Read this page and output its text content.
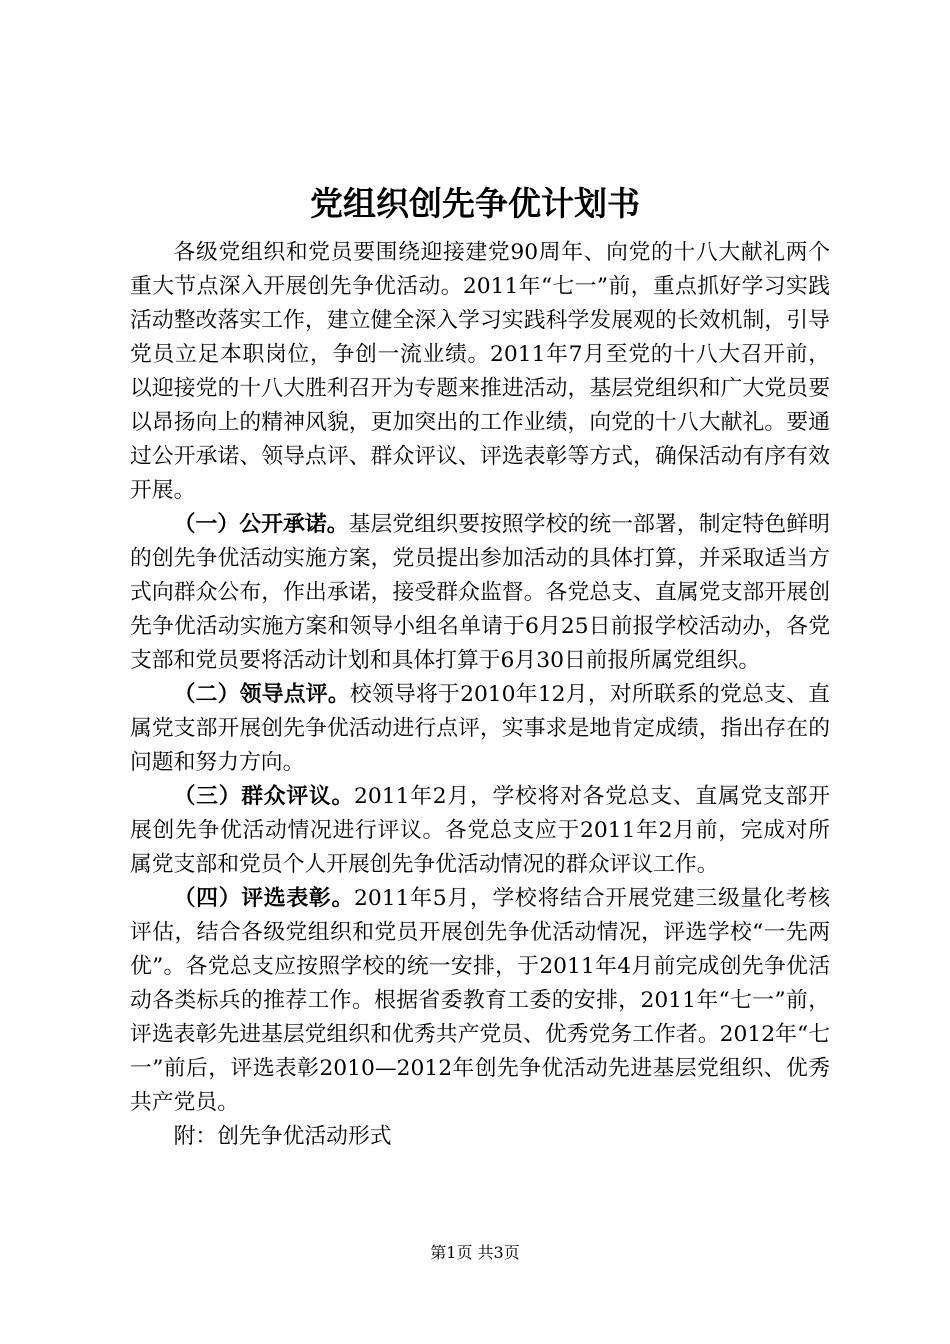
党组织创先争优计划书

各级党组织和党员要围绕迎接建党90周年、向党的十八大献礼两个重大节点深入开展创先争优活动。2011年“七一”前，重点抓好学习实践活动整改落实工作，建立健全深入学习实践科学发展观的长效机制，引导党员立足本职岗位，争创一流业绩。2011年7月至党的十八大召开前，以迎接党的十八大胜利召开为专题来推进活动，基层党组织和广大党员要以昂扬向上的精神风貌，更加突出的工作业绩，向党的十八大献礼。要通过公开承诺、领导点评、群众评议、评选表彰等方式，确保活动有序有效开展。

（一）公开承诺。基层党组织要按照学校的统一部署，制定特色鲜明的创先争优活动实施方案，党员提出参加活动的具体打算，并采取适当方式向群众公布，作出承诺，接受群众监督。各党总支、直属党支部开展创先争优活动实施方案和领导小组名单请于6月25日前报学校活动办，各党支部和党员要将活动计划和具体打算于6月30日前报所属党组织。

（二）领导点评。校领导将于2010年12月，对所联系的党总支、直属党支部开展创先争优活动进行点评，实事求是地肯定成绩，指出存在的问题和努力方向。

（三）群众评议。2011年2月，学校将对各党总支、直属党支部开展创先争优活动情况进行评议。各党总支应于2011年2月前，完成对所属党支部和党员个人开展创先争优活动情况的群众评议工作。

（四）评选表彰。2011年5月，学校将结合开展党建三级量化考核评估，结合各级党组织和党员开展创先争优活动情况，评选学校“一先两优”。各党总支应按照学校的统一安排，于2011年4月前完成创先争优活动各类标兵的推荐工作。根据省委教育工委的安排，2011年“七一”前，评选表彰先进基层党组织和优秀共产党员、优秀党务工作者。2012年“七一”前后，评选表彰2010—2012年创先争优活动先进基层党组织、优秀共产党员。

附：创先争优活动形式

第1页 共3页
